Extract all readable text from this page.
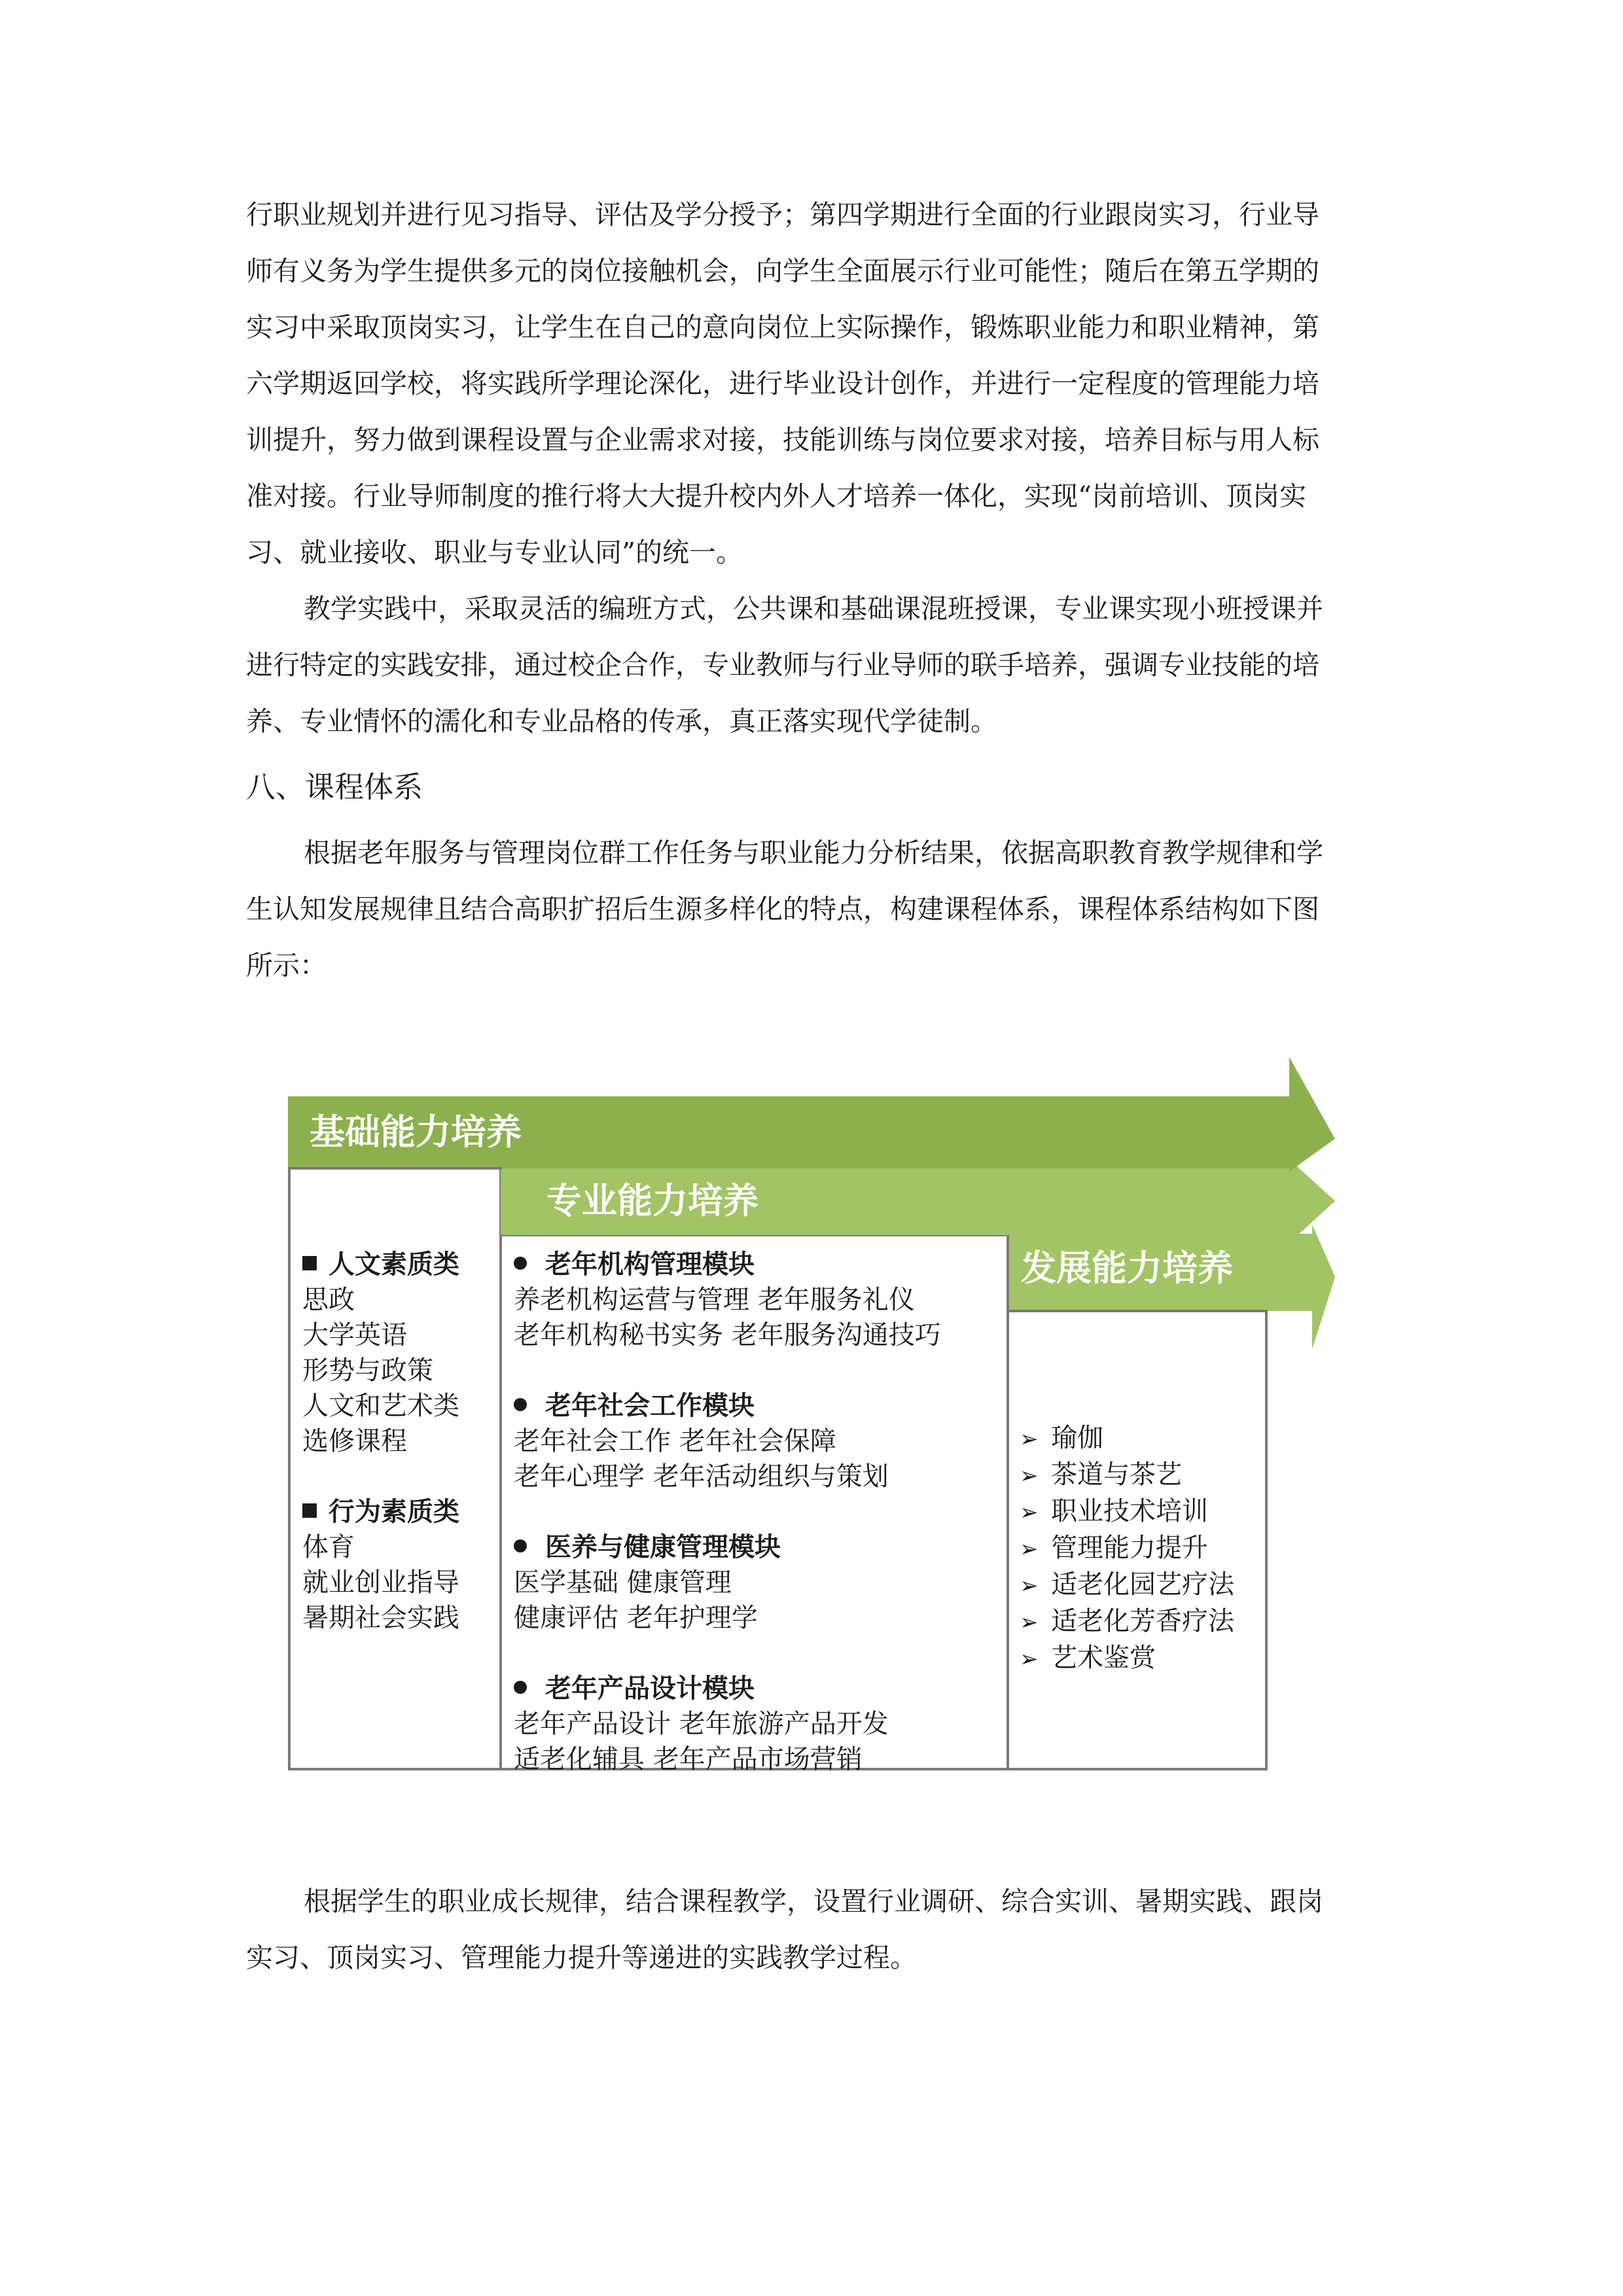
行职业规划并进行见习指导、评估及学分授予；第四学期进行全面的行业跟岗实习，行业导
师有义务为学生提供多元的岗位接触机会，向学生全面展示行业可能性；随后在第五学期的
实习中采取顶岗实习，让学生在自己的意向岗位上实际操作，锻炼职业能力和职业精神，第
六学期返回学校，将实践所学理论深化，进行毕业设计创作，并进行一定程度的管理能力培
训提升，努力做到课程设置与企业需求对接，技能训练与岗位要求对接，培养目标与用人标
准对接。行业导师制度的推行将大大提升校内外人才培养一体化，实现“岗前培训、顶岗实
习、就业接收、职业与专业认同”的统一。
教学实践中，采取灵活的编班方式，公共课和基础课混班授课，专业课实现小班授课并
进行特定的实践安排，通过校企合作，专业教师与行业导师的联手培养，强调专业技能的培
养、专业情怀的濡化和专业品格的传承，真正落实现代学徒制。
八、课程体系
根据老年服务与管理岗位群工作任务与职业能力分析结果，依据高职教育教学规律和学
生认知发展规律且结合高职扩招后生源多样化的特点，构建课程体系，课程体系结构如下图
所示：
基础能力培养
专业能力培养
发展能力培养
人文素质类
思政
大学英语
形势与政策
人文和艺术类
选修课程
行为素质类
体育
就业创业指导
暑期社会实践
老年机构管理模块
养老机构运营与管理 老年服务礼仪
老年机构秘书实务 老年服务沟通技巧
老年社会工作模块
老年社会工作 老年社会保障
老年心理学 老年活动组织与策划
医养与健康管理模块
医学基础 健康管理
健康评估 老年护理学
老年产品设计模块
老年产品设计 老年旅游产品开发
适老化辅具 老年产品市场营销
➢ 瑜伽
➢ 茶道与茶艺
➢ 职业技术培训
➢ 管理能力提升
➢ 适老化园艺疗法
➢ 适老化芳香疗法
➢ 艺术鉴赏
根据学生的职业成长规律，结合课程教学，设置行业调研、综合实训、暑期实践、跟岗
实习、顶岗实习、管理能力提升等递进的实践教学过程。
